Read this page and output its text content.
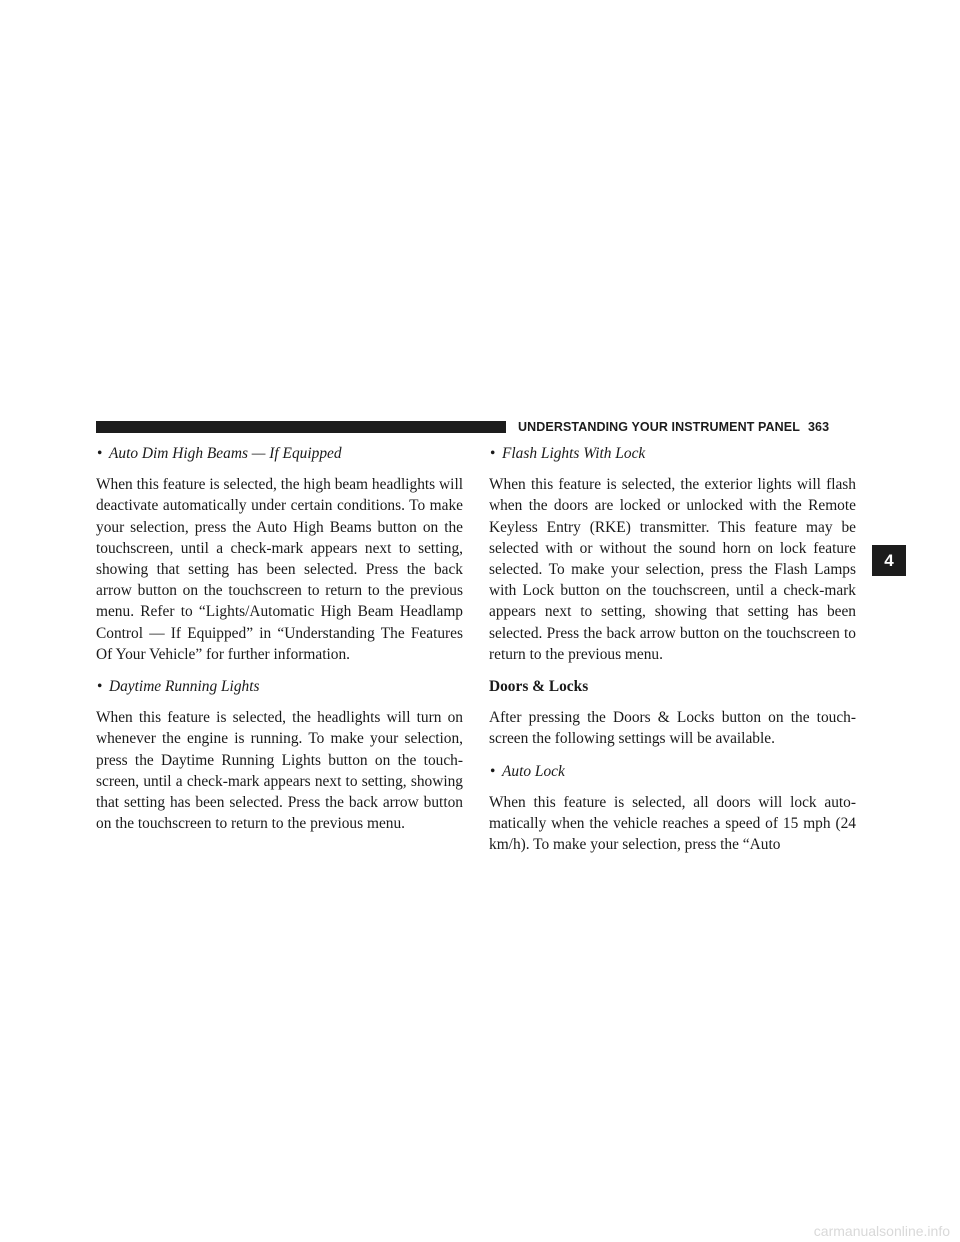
UNDERSTANDING YOUR INSTRUMENT PANEL 363
• Auto Dim High Beams — If Equipped

When this feature is selected, the high beam headlights will deactivate automatically under certain conditions. To make your selection, press the Auto High Beams button on the touchscreen, until a check-mark appears next to setting, showing that setting has been selected. Press the back arrow button on the touchscreen to return to the previous menu. Refer to “Lights/Automatic High Beam Headlamp Control — If Equipped” in “Understanding The Features Of Your Vehicle” for further information.

• Daytime Running Lights

When this feature is selected, the headlights will turn on whenever the engine is running. To make your selection, press the Daytime Running Lights button on the touch-screen, until a check-mark appears next to setting, showing that setting has been selected. Press the back arrow button on the touchscreen to return to the previous menu.

• Flash Lights With Lock

When this feature is selected, the exterior lights will flash when the doors are locked or unlocked with the Remote Keyless Entry (RKE) transmitter. This feature may be selected with or without the sound horn on lock feature selected. To make your selection, press the Flash Lamps with Lock button on the touchscreen, until a check-mark appears next to setting, showing that setting has been selected. Press the back arrow button on the touchscreen to return to the previous menu.

Doors & Locks

After pressing the Doors & Locks button on the touch-screen the following settings will be available.

• Auto Lock

When this feature is selected, all doors will lock auto-matically when the vehicle reaches a speed of 15 mph (24 km/h). To make your selection, press the “Auto

4
carmanualsonline.info
